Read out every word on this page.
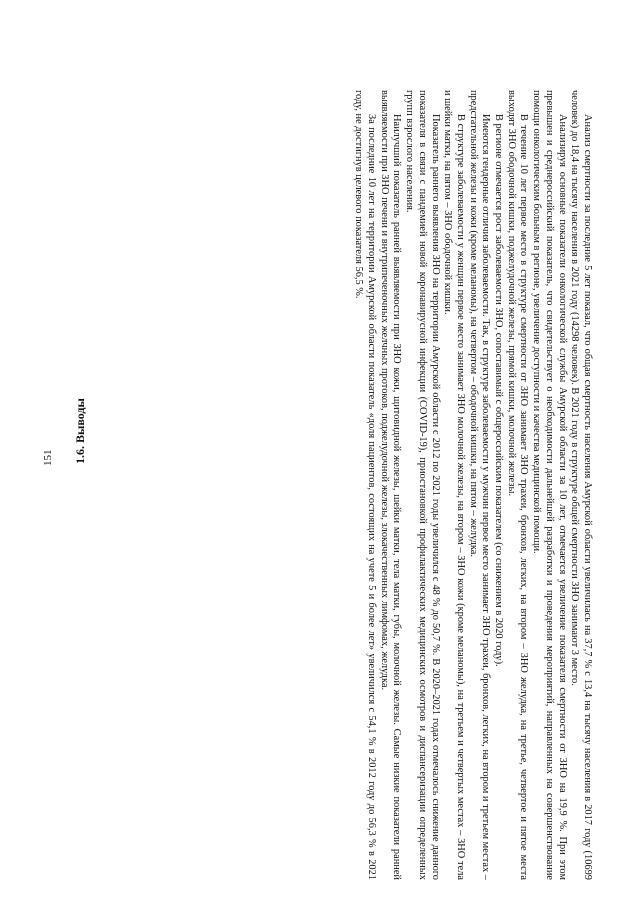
151 1.6. Выводы	Анализ смертности за последние 5 лет показал, что общая смертность населения Амурской области увеличилась на 37,7 % с 13,4 на тысячу населения в 2017 году (10699 человек) до 18,4 на тысячу населения в 2021 году (14298 человек). В 2021 году в структуре общей смертности ЗНО занимают 3 место.

Анализируя основные показатели онкологической службы Амурской области за 10 лет, отмечается увеличение показателя смертности от ЗНО на 19,9 %. При этом превышен и среднероссийский показатель, что свидетельствует о необходимости дальнейшей разработки и проведения мероприятий, направленных на совершенствование помощи онкологическим больным в регионе, увеличение доступности и качества медицинской помощи.

В течение 10 лет первое место в структуре смертности от ЗНО занимает ЗНО трахеи, бронхов, легких, на втором – ЗНО желудка, на третье, четвертое и пятое места выходят ЗНО ободочной кишки, поджелудочной железы, прямой кишки, молочной железы.

В регионе отмечается рост заболеваемости ЗНО, сопоставимый с общероссийским показателем (со снижением в 2020 году).

Имеются гендерные отличия заболеваемости. Так, в структуре заболеваемости у мужчин первое место занимает ЗНО трахеи, бронхов, легких, на втором и третьем местах – предстательной железы и кожи (кроме меланомы), на четвертом – ободочной кишки, на пятом – желудка.

В структуре заболеваемости у женщин первое место занимает ЗНО молочной железы, на втором – ЗНО кожи (кроме меланомы), на третьем и четвертых местах – ЗНО тела и шейки матки, на пятом – ЗНО ободочной кишки.

Показатель раннего выявления ЗНО на территории Амурской области с 2012 по 2021 годы увеличился с 48 % до 50,7 %. В 2020–2021 годах отмечалось снижение данного показателя в связи с пандемией новой коронавирусной инфекции (COVID-19), приостановкой профилактических медицинских осмотров и диспансеризации определенных групп взрослого населения.

Наилучший показатель ранней выявляемости при ЗНО кожи, щитовидной железы, шейки матки, тела матки, губы, молочной железы. Самые низкие показатели ранней выявляемости при ЗНО печени и внутрипеченочных желчных протоков, поджелудочной железы, злокачественных лимфомах, желудка.

За последние 10 лет на территории Амурской области показатель «доля пациентов, состоящих на учете 5 и более лет» увеличился с 54,1 % в 2012 году до 56,3 % в 2021 году, не достигнув целевого показателя 56,5 %.
